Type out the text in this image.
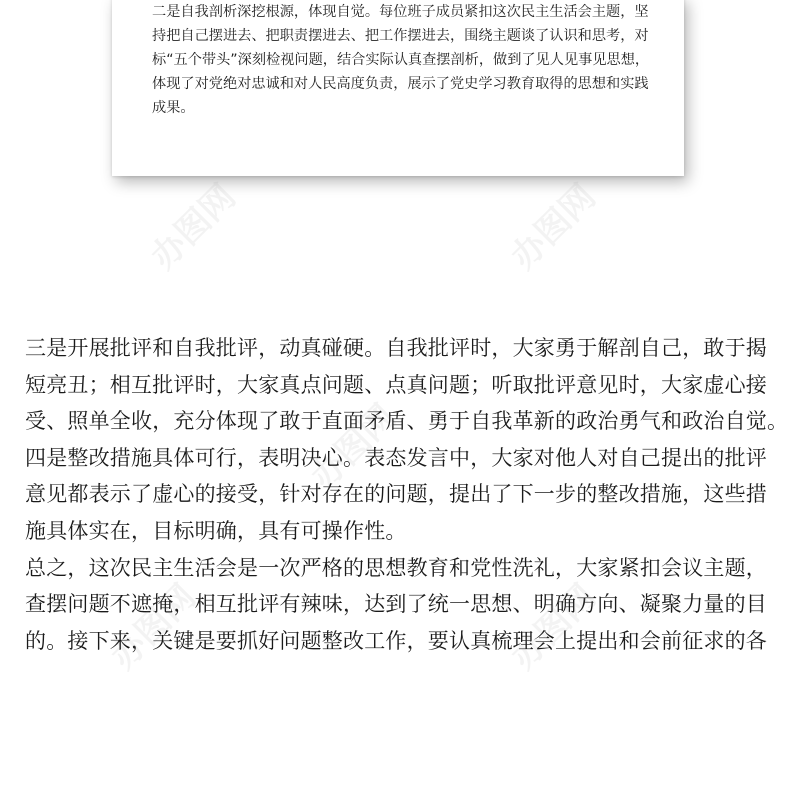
二是自我剖析深挖根源，体现自觉。每位班子成员紧扣这次民主生活会主题，坚

持把自己摆进去、把职责摆进去、把工作摆进去，围绕主题谈了认识和思考，对

标“五个带头”深刻检视问题，结合实际认真查摆剖析，做到了见人见事见思想，

体现了对党绝对忠诚和对人民高度负责，展示了党史学习教育取得的思想和实践

成果。

三是开展批评和自我批评，动真碰硬。自我批评时，大家勇于解剖自己，敢于揭
短亮丑；相互批评时，大家真点问题、点真问题；听取批评意见时，大家虚心接
受、照单全收，充分体现了敢于直面矛盾、勇于自我革新的政治勇气和政治自觉。
四是整改措施具体可行，表明决心。表态发言中，大家对他人对自己提出的批评
意见都表示了虚心的接受，针对存在的问题，提出了下一步的整改措施，这些措
施具体实在，目标明确，具有可操作性。
总之，这次民主生活会是一次严格的思想教育和党性洗礼，大家紧扣会议主题，
查摆问题不遮掩，相互批评有辣味，达到了统一思想、明确方向、凝聚力量的目
的。接下来，关键是要抓好问题整改工作，要认真梳理会上提出和会前征求的各
办图网	办图网
办图网
办图网	办图网
